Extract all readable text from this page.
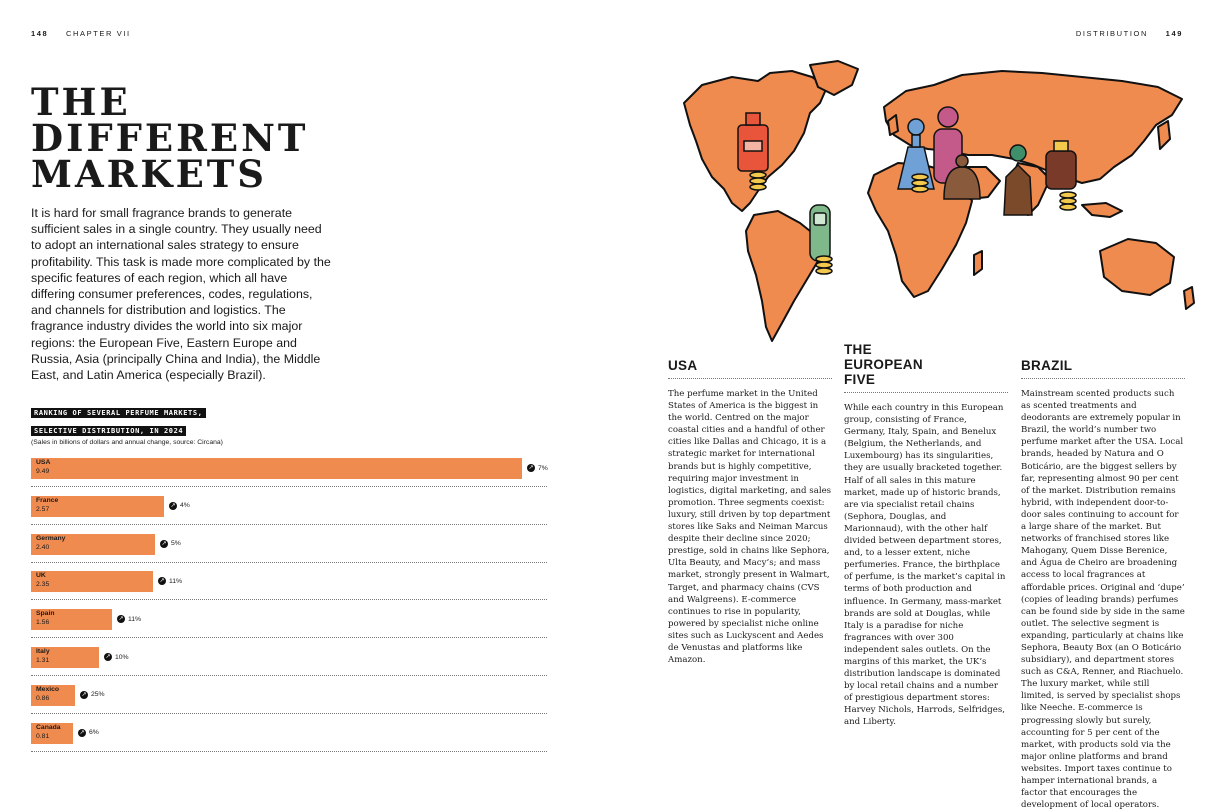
148 CHAPTER VII	DISTRIBUTION 149
THE
DIFFERENT
MARKETS
It is hard for small fragrance brands to generate sufficient sales in a single country. They usually need to adopt an international sales strategy to ensure profitability. This task is made more complicated by the specific features of each region, which all have differing consumer preferences, codes, regulations, and channels for distribution and logistics. The fragrance industry divides the world into six major regions: the European Five, Eastern Europe and Russia, Asia (principally China and India), the Middle East, and Latin America (especially Brazil).
RANKING OF SEVERAL PERFUME MARKETS,
SELECTIVE DISTRIBUTION, IN 2024
(Sales in billions of dollars and annual change, source: Circana)
USA
9.49	↗ 7%
France
2.57	↗ 4%
Germany
2.40	↗ 5%
UK
2.35	↗ 11%
Spain
1.56	↗ 11%
Italy
1.31	↗ 10%
Mexico
0.86	↗ 25%
Canada
0.81	↗ 6%
USA
The perfume market in the United States of America is the biggest in the world. Centred on the major coastal cities and a handful of other cities like Dallas and Chicago, it is a strategic market for international brands but is highly competitive, requiring major investment in logistics, digital marketing, and sales promotion. Three segments coexist: luxury, still driven by top department stores like Saks and Neiman Marcus despite their decline since 2020; prestige, sold in chains like Sephora, Ulta Beauty, and Macy’s; and mass market, strongly present in Walmart, Target, and pharmacy chains (CVS and Walgreens). E-commerce continues to rise in popularity, powered by specialist niche online sites such as Luckyscent and Aedes de Venustas and platforms like Amazon.
THE EUROPEAN FIVE
While each country in this European group, consisting of France, Germany, Italy, Spain, and Benelux (Belgium, the Netherlands, and Luxembourg) has its singularities, they are usually bracketed together. Half of all sales in this mature market, made up of historic brands, are via specialist retail chains (Sephora, Douglas, and Marionnaud), with the other half divided between department stores, and, to a lesser extent, niche perfumeries. France, the birthplace of perfume, is the market’s capital in terms of both production and influence. In Germany, mass-market brands are sold at Douglas, while Italy is a paradise for niche fragrances with over 300 independent sales outlets. On the margins of this market, the UK’s distribution landscape is dominated by local retail chains and a number of prestigious department stores: Harvey Nichols, Harrods, Selfridges, and Liberty.
BRAZIL
Mainstream scented products such as scented treatments and deodorants are extremely popular in Brazil, the world’s number two perfume market after the USA. Local brands, headed by Natura and O Boticário, are the biggest sellers by far, representing almost 90 per cent of the market. Distribution remains hybrid, with independent door-to-door sales continuing to account for a large share of the market. But networks of franchised stores like Mahogany, Quem Disse Berenice, and Água de Cheiro are broadening access to local fragrances at affordable prices. Original and ‘dupe’ (copies of leading brands) perfumes can be found side by side in the same outlet. The selective segment is expanding, particularly at chains like Sephora, Beauty Box (an O Boticário subsidiary), and department stores such as C&A, Renner, and Riachuelo. The luxury market, while still limited, is served by specialist shops like Neeche. E-commerce is progressing slowly but surely, accounting for 5 per cent of the market, with products sold via the major online platforms and brand websites. Import taxes continue to hamper international brands, a factor that encourages the development of local operators.
